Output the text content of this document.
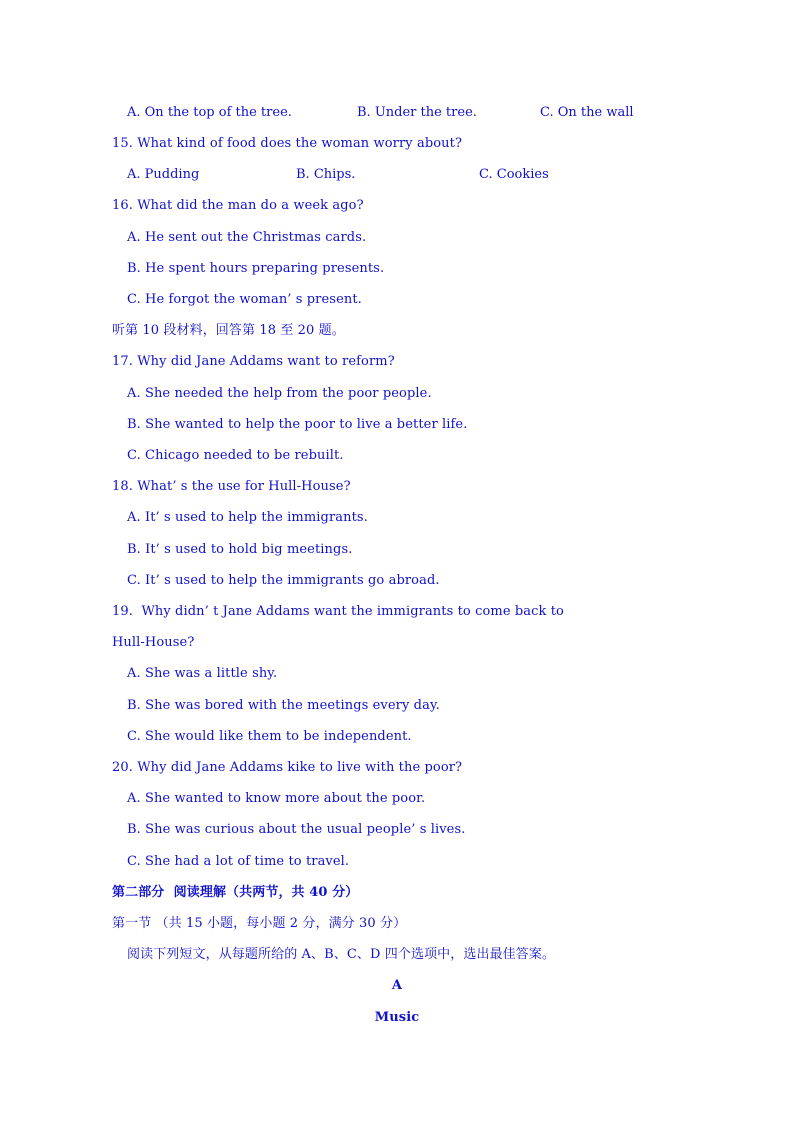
A. On the top of the tree.	B. Under the tree.	C. On the wall
15. What kind of food does the woman worry about?
A. Pudding	B. Chips.	C. Cookies
16. What did the man do a week ago?
A. He sent out the Christmas cards.
B. He spent hours preparing presents.
C. He forgot the woman’ s present.
听第 10 段材料，回答第 18 至 20 题。
17. Why did Jane Addams want to reform?
A. She needed the help from the poor people.
B. She wanted to help the poor to live a better life.
C. Chicago needed to be rebuilt.
18. What’ s the use for Hull-House?
A. It’ s used to help the immigrants.
B. It’ s used to hold big meetings.
C. It’ s used to help the immigrants go abroad.
19.  Why didn’ t Jane Addams want the immigrants to come back to
Hull-House?
A. She was a little shy.
B. She was bored with the meetings every day.
C. She would like them to be independent.
20. Why did Jane Addams kike to live with the poor?
A. She wanted to know more about the poor.
B. She was curious about the usual people’ s lives.
C. She had a lot of time to travel.
第二部分  阅读理解（共两节，共 40 分）
第一节 （共 15 小题，每小题 2 分，满分 30 分）
阅读下列短文，从每题所给的 A、B、C、D 四个选项中，选出最佳答案。
A
Music
